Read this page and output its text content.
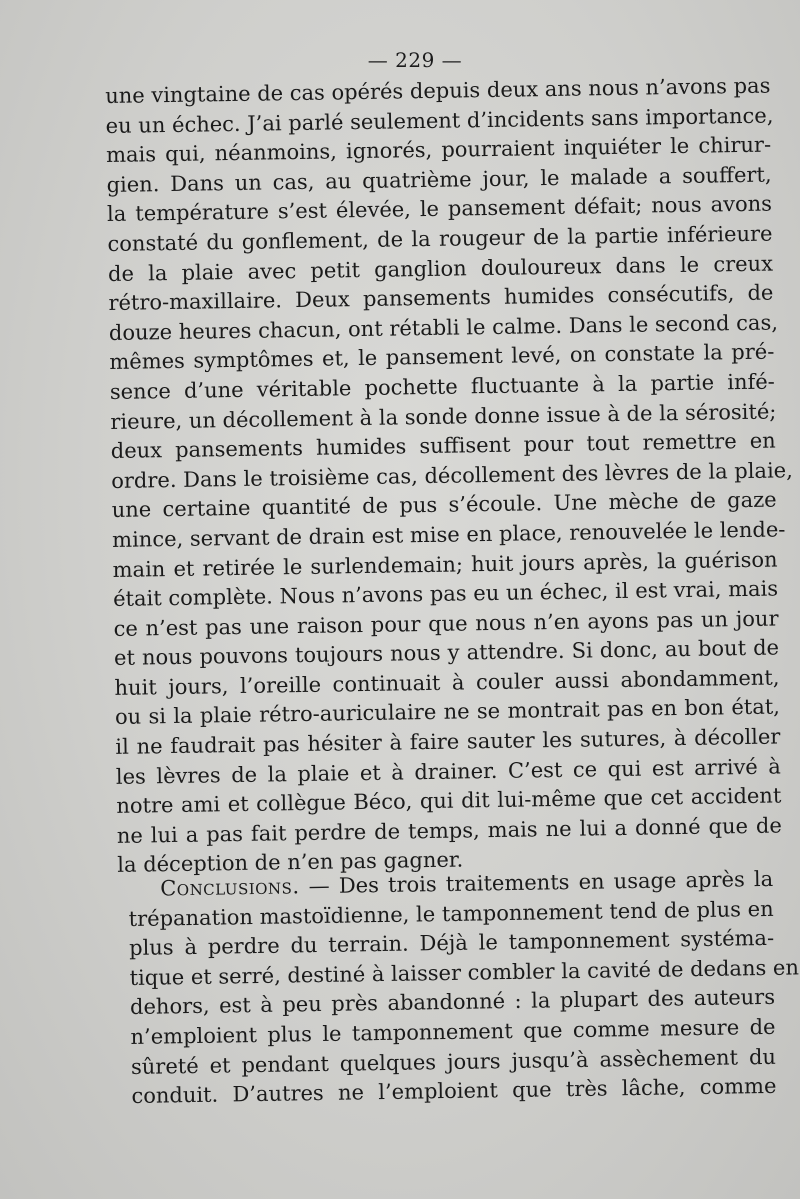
— 229 —
une vingtaine de cas opérés depuis deux ans nous n’avons pas
eu un échec. J’ai parlé seulement d’incidents sans importance,
mais qui, néanmoins, ignorés, pourraient inquiéter le chirur-
gien. Dans un cas, au quatrième jour, le malade a souffert,
la température s’est élevée, le pansement défait; nous avons
constaté du gonflement, de la rougeur de la partie inférieure
de la plaie avec petit ganglion douloureux dans le creux
rétro-maxillaire. Deux pansements humides consécutifs, de
douze heures chacun, ont rétabli le calme. Dans le second cas,
mêmes symptômes et, le pansement levé, on constate la pré-
sence d’une véritable pochette fluctuante à la partie infé-
rieure, un décollement à la sonde donne issue à de la sérosité;
deux pansements humides suffisent pour tout remettre en
ordre. Dans le troisième cas, décollement des lèvres de la plaie,
une certaine quantité de pus s’écoule. Une mèche de gaze
mince, servant de drain est mise en place, renouvelée le lende-
main et retirée le surlendemain; huit jours après, la guérison
était complète. Nous n’avons pas eu un échec, il est vrai, mais
ce n’est pas une raison pour que nous n’en ayons pas un jour
et nous pouvons toujours nous y attendre. Si donc, au bout de
huit jours, l’oreille continuait à couler aussi abondamment,
ou si la plaie rétro-auriculaire ne se montrait pas en bon état,
il ne faudrait pas hésiter à faire sauter les sutures, à décoller
les lèvres de la plaie et à drainer. C’est ce qui est arrivé à
notre ami et collègue Béco, qui dit lui-même que cet accident
ne lui a pas fait perdre de temps, mais ne lui a donné que de
la déception de n’en pas gagner.
Conclusions. — Des trois traitements en usage après la
trépanation mastoïdienne, le tamponnement tend de plus en
plus à perdre du terrain. Déjà le tamponnement systéma-
tique et serré, destiné à laisser combler la cavité de dedans en
dehors, est à peu près abandonné : la plupart des auteurs
n’emploient plus le tamponnement que comme mesure de
sûreté et pendant quelques jours jusqu’à assèchement du
conduit. D’autres ne l’emploient que très lâche, comme
